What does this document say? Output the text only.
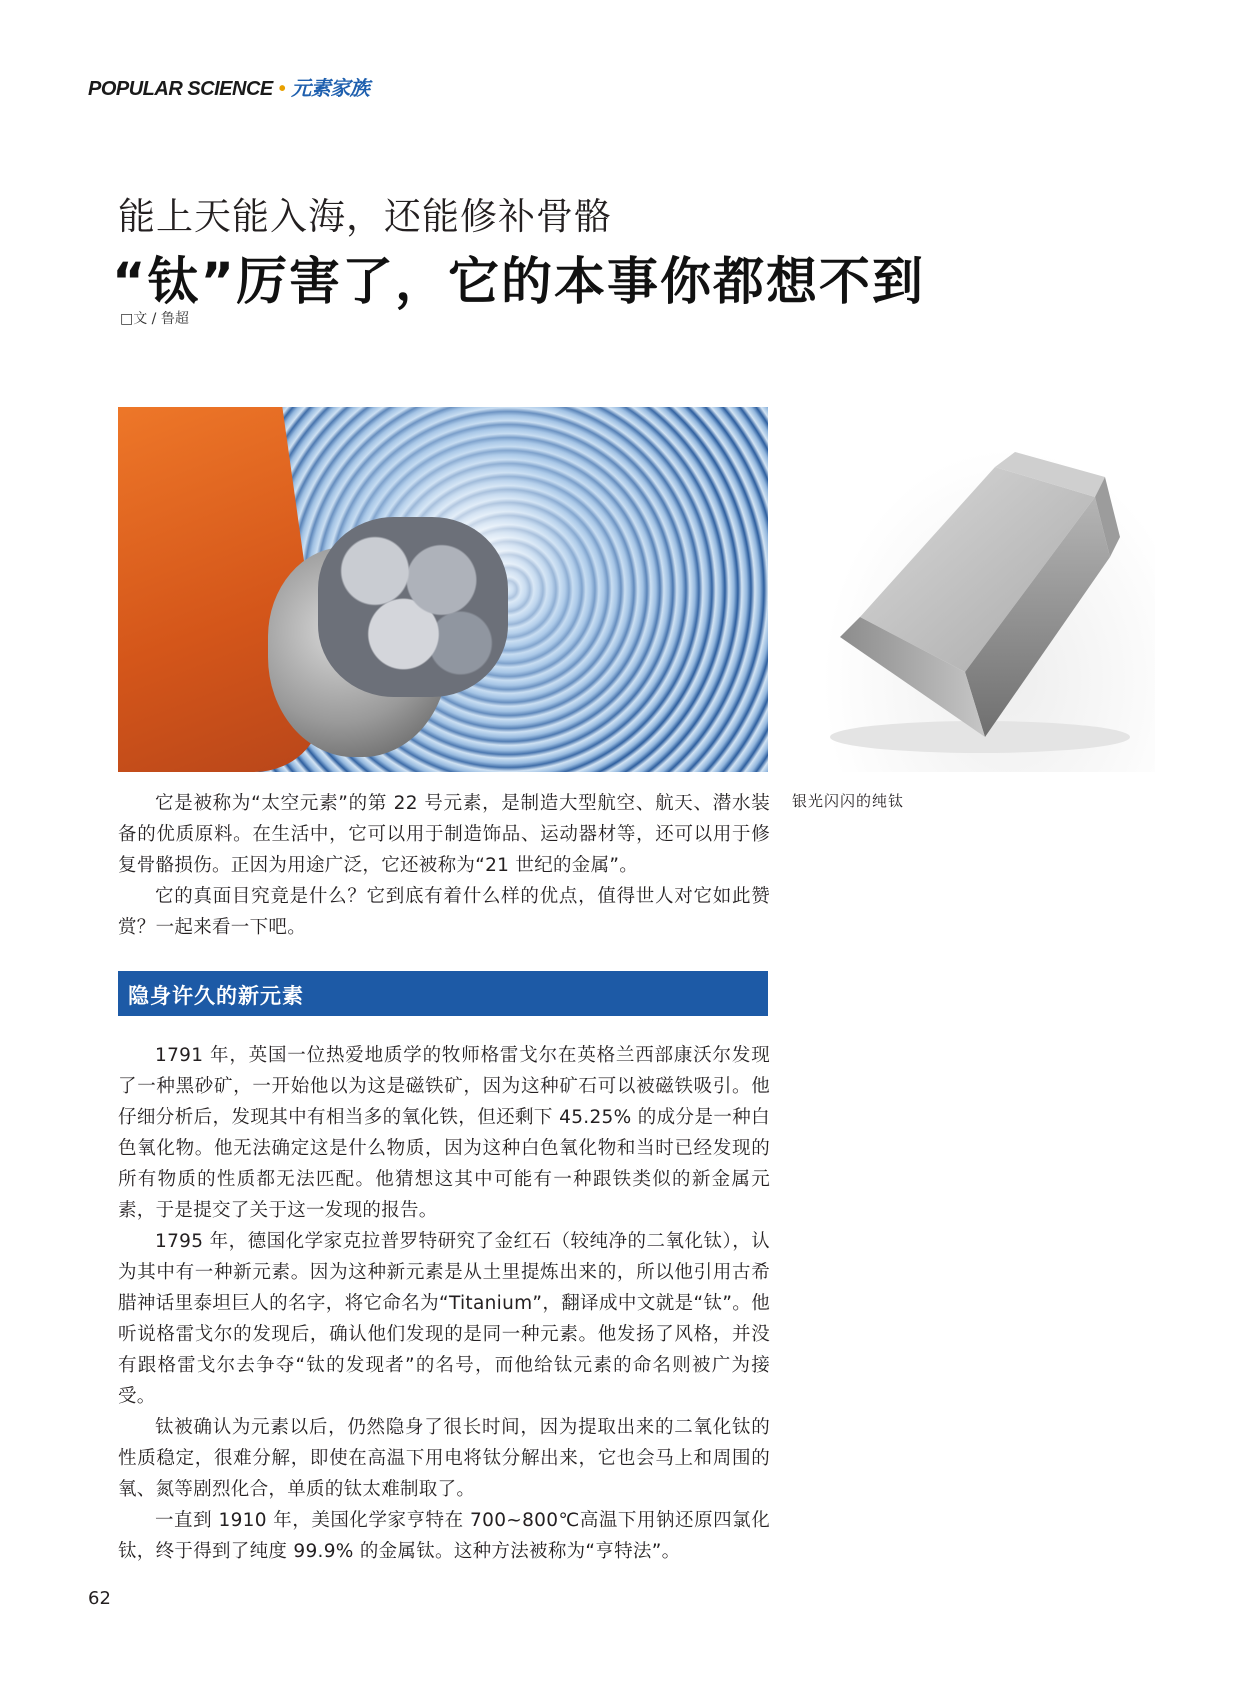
POPULAR SCIENCE • 元素家族
能上天能入海，还能修补骨骼
“钛”厉害了，它的本事你都想不到
□文 / 鲁超
银光闪闪的纯钛

它是被称为“太空元素”的第 22 号元素，是制造大型航空、航天、潜水装备的优质原料。在生活中，它可以用于制造饰品、运动器材等，还可以用于修复骨骼损伤。正因为用途广泛，它还被称为“21 世纪的金属”。

它的真面目究竟是什么？它到底有着什么样的优点，值得世人对它如此赞赏？一起来看一下吧。

隐身许久的新元素

1791 年，英国一位热爱地质学的牧师格雷戈尔在英格兰西部康沃尔发现了一种黑砂矿，一开始他以为这是磁铁矿，因为这种矿石可以被磁铁吸引。他仔细分析后，发现其中有相当多的氧化铁，但还剩下 45.25% 的成分是一种白色氧化物。他无法确定这是什么物质，因为这种白色氧化物和当时已经发现的所有物质的性质都无法匹配。他猜想这其中可能有一种跟铁类似的新金属元素，于是提交了关于这一发现的报告。

1795 年，德国化学家克拉普罗特研究了金红石（较纯净的二氧化钛），认为其中有一种新元素。因为这种新元素是从土里提炼出来的，所以他引用古希腊神话里泰坦巨人的名字，将它命名为“Titanium”，翻译成中文就是“钛”。他听说格雷戈尔的发现后，确认他们发现的是同一种元素。他发扬了风格，并没有跟格雷戈尔去争夺“钛的发现者”的名号，而他给钛元素的命名则被广为接受。

钛被确认为元素以后，仍然隐身了很长时间，因为提取出来的二氧化钛的性质稳定，很难分解，即使在高温下用电将钛分解出来，它也会马上和周围的氧、氮等剧烈化合，单质的钛太难制取了。

一直到 1910 年，美国化学家亨特在 700~800℃高温下用钠还原四氯化钛，终于得到了纯度 99.9% 的金属钛。这种方法被称为“亨特法”。

62
